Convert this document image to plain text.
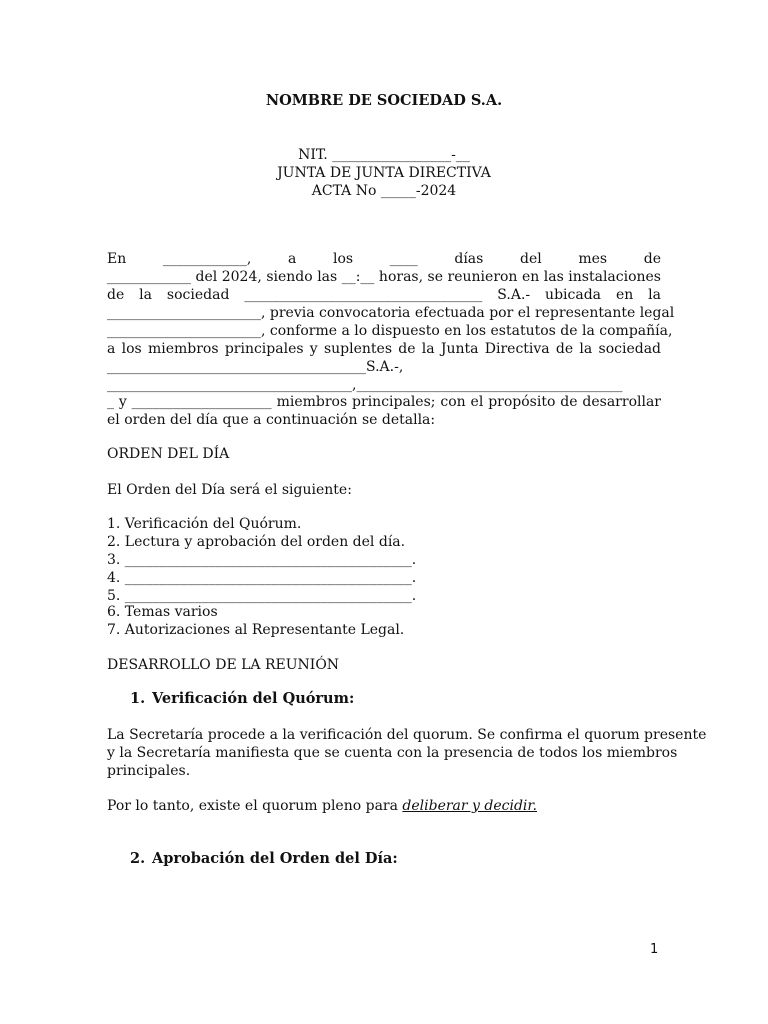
NOMBRE DE SOCIEDAD S.A.
NIT. _________________-__
JUNTA DE JUNTA DIRECTIVA
ACTA No _____-2024
En ____________, a los ____ días del mes de
____________ del 2024, siendo las __:__ horas, se reunieron en las instalaciones
de la sociedad __________________________________ S.A.- ubicada en la
______________________, previa convocatoria efectuada por el representante legal
______________________, conforme a lo dispuesto en los estatutos de la compañía,
a los miembros principales y suplentes de la Junta Directiva de la sociedad
_____________________________________S.A.-,
___________________________________,______________________________________
_ y ____________________ miembros principales; con el propósito de desarrollar
el orden del día que a continuación se detalla:
ORDEN DEL DÍA
El Orden del Día será el siguiente:
1. Verificación del Quórum.
2. Lectura y aprobación del orden del día.
3. _________________________________________.
4. _________________________________________.
5. _________________________________________.
6. Temas varios
7. Autorizaciones al Representante Legal.
DESARROLLO DE LA REUNIÓN
1. Verificación del Quórum:
La Secretaría procede a la verificación del quorum. Se confirma el quorum presente
y la Secretaría manifiesta que se cuenta con la presencia de todos los miembros
principales.
Por lo tanto, existe el quorum pleno para deliberar y decidir.
2. Aprobación del Orden del Día:
1
